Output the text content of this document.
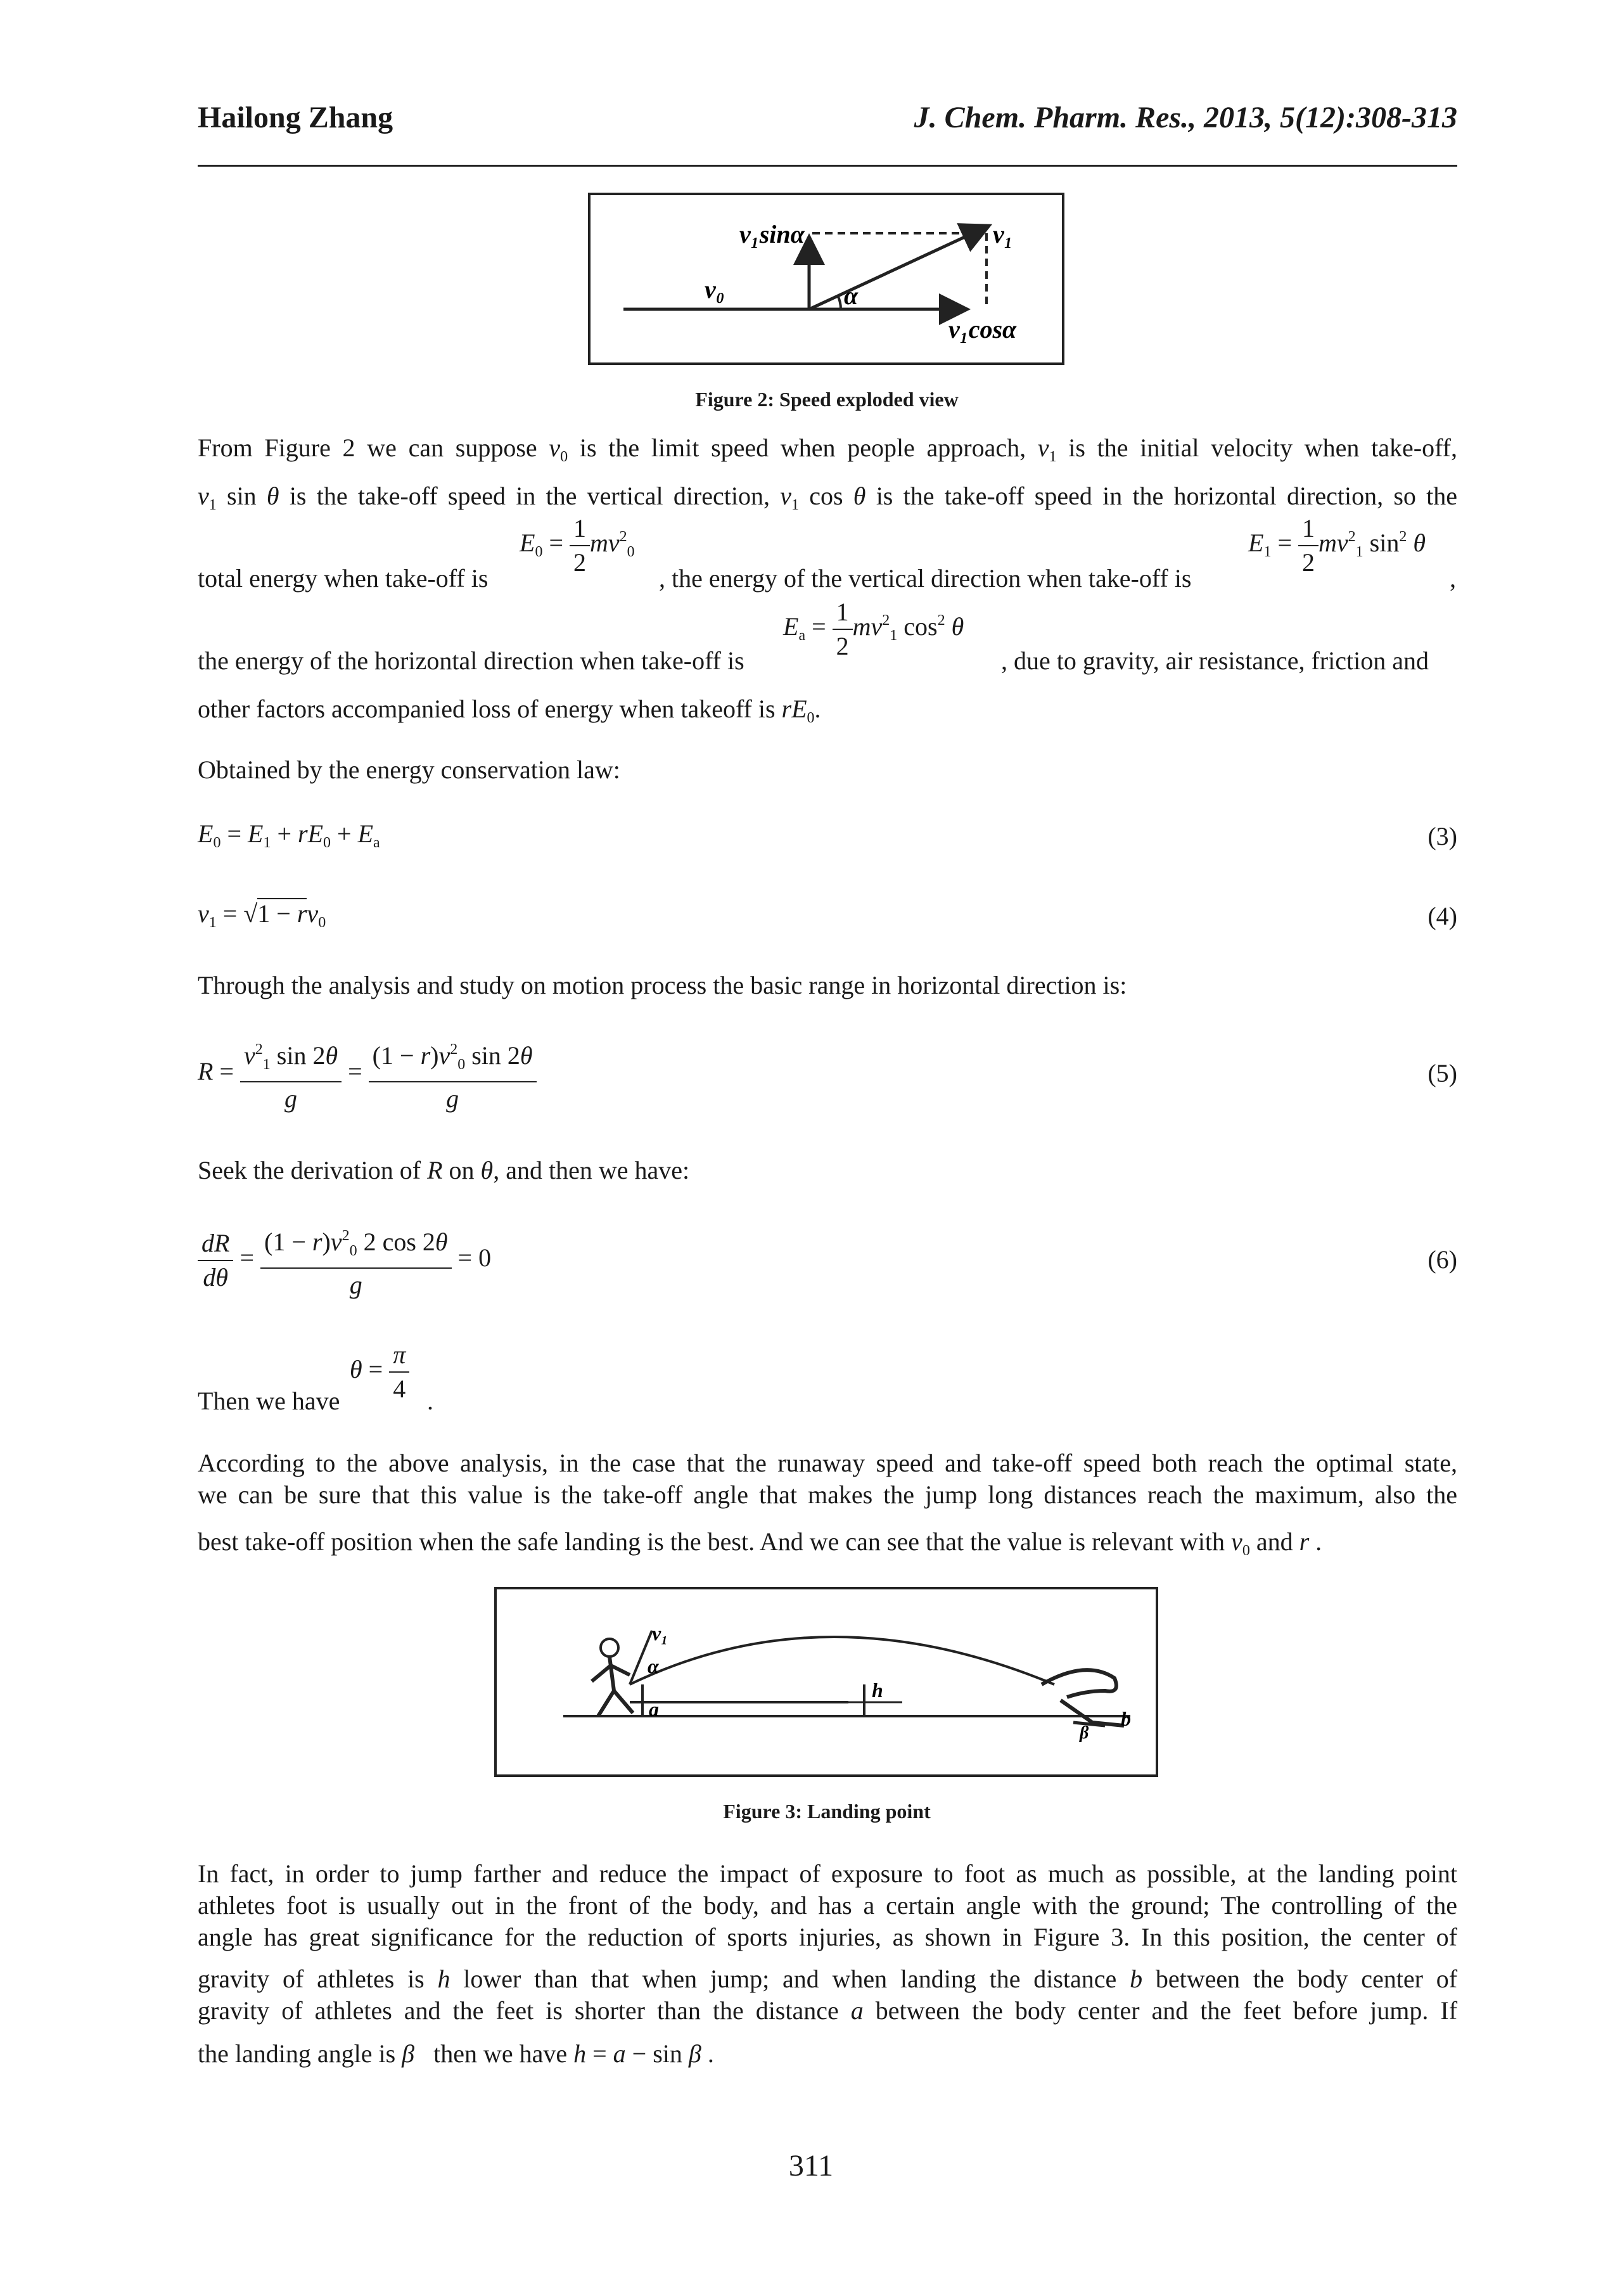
Hailong Zhang	J. Chem. Pharm. Res., 2013, 5(12):308-313
v₁sinα	v₁
v₀	α
v₁cosα
Figure 2: Speed exploded view
From Figure 2 we can suppose $v_0$ is the limit speed when people approach, $v_1$ is the initial velocity when take-off,
$v_1$ sin θ is the take-off speed in the vertical direction, $v_1$ cos θ is the take-off speed in the horizontal direction, so the
$E_0 = \frac{1}{2} mv^2_0$	$E_1 = \frac{1}{2} mv^2_1$ $\sin^2 \theta$
total energy when take-off is	, the energy of the vertical direction when take-off is	,
$E_a = \frac{1}{2} mv^2_1$ $\cos^2 \theta$
the energy of the horizontal direction when take-off is	, due to gravity, air resistance, friction and
other factors accompanied loss of energy when takeoff is $rE_0$.
Obtained by the energy conservation law:
$E_0 = E_1 + rE_0 + E_a$	(3)
$v_1 = √1 - rv_0$	(4)
Through the analysis and study on motion process the basic range in horizontal direction is:
$R = \frac{v^2_1 \sin 2\theta}{g} = \frac{(1 - r)v^2_0 \sin 2\theta}{g}$	(5)
Seek the derivation of R on θ, and then we have:
$\frac{dR}{d\theta} = \frac{(1 - r)v^2_0 2 \cos 2\theta}{g} = 0$	(6)
$\theta = \frac{\pi}{4}$
Then we have	.
According to the above analysis, in the case that the runaway speed and take-off speed both reach the optimal state,
we can be sure that this value is the take-off angle that makes the jump long distances reach the maximum, also the
best take-off position when the safe landing is the best. And we can see that the value is relevant with $v_0$ and r .
v₁
α
h
a
β
b
Figure 3: Landing point
In fact, in order to jump farther and reduce the impact of exposure to foot as much as possible, at the landing point
athletes foot is usually out in the front of the body, and has a certain angle with the ground; The controlling of the
angle has great significance for the reduction of sports injuries, as shown in Figure 3. In this position, the center of
gravity of athletes is h lower than that when jump; and when landing the distance b between the body center of
gravity of athletes and the feet is shorter than the distance a between the body center and the feet before jump. If
the landing angle is β then we have h = a − sin β .
311
